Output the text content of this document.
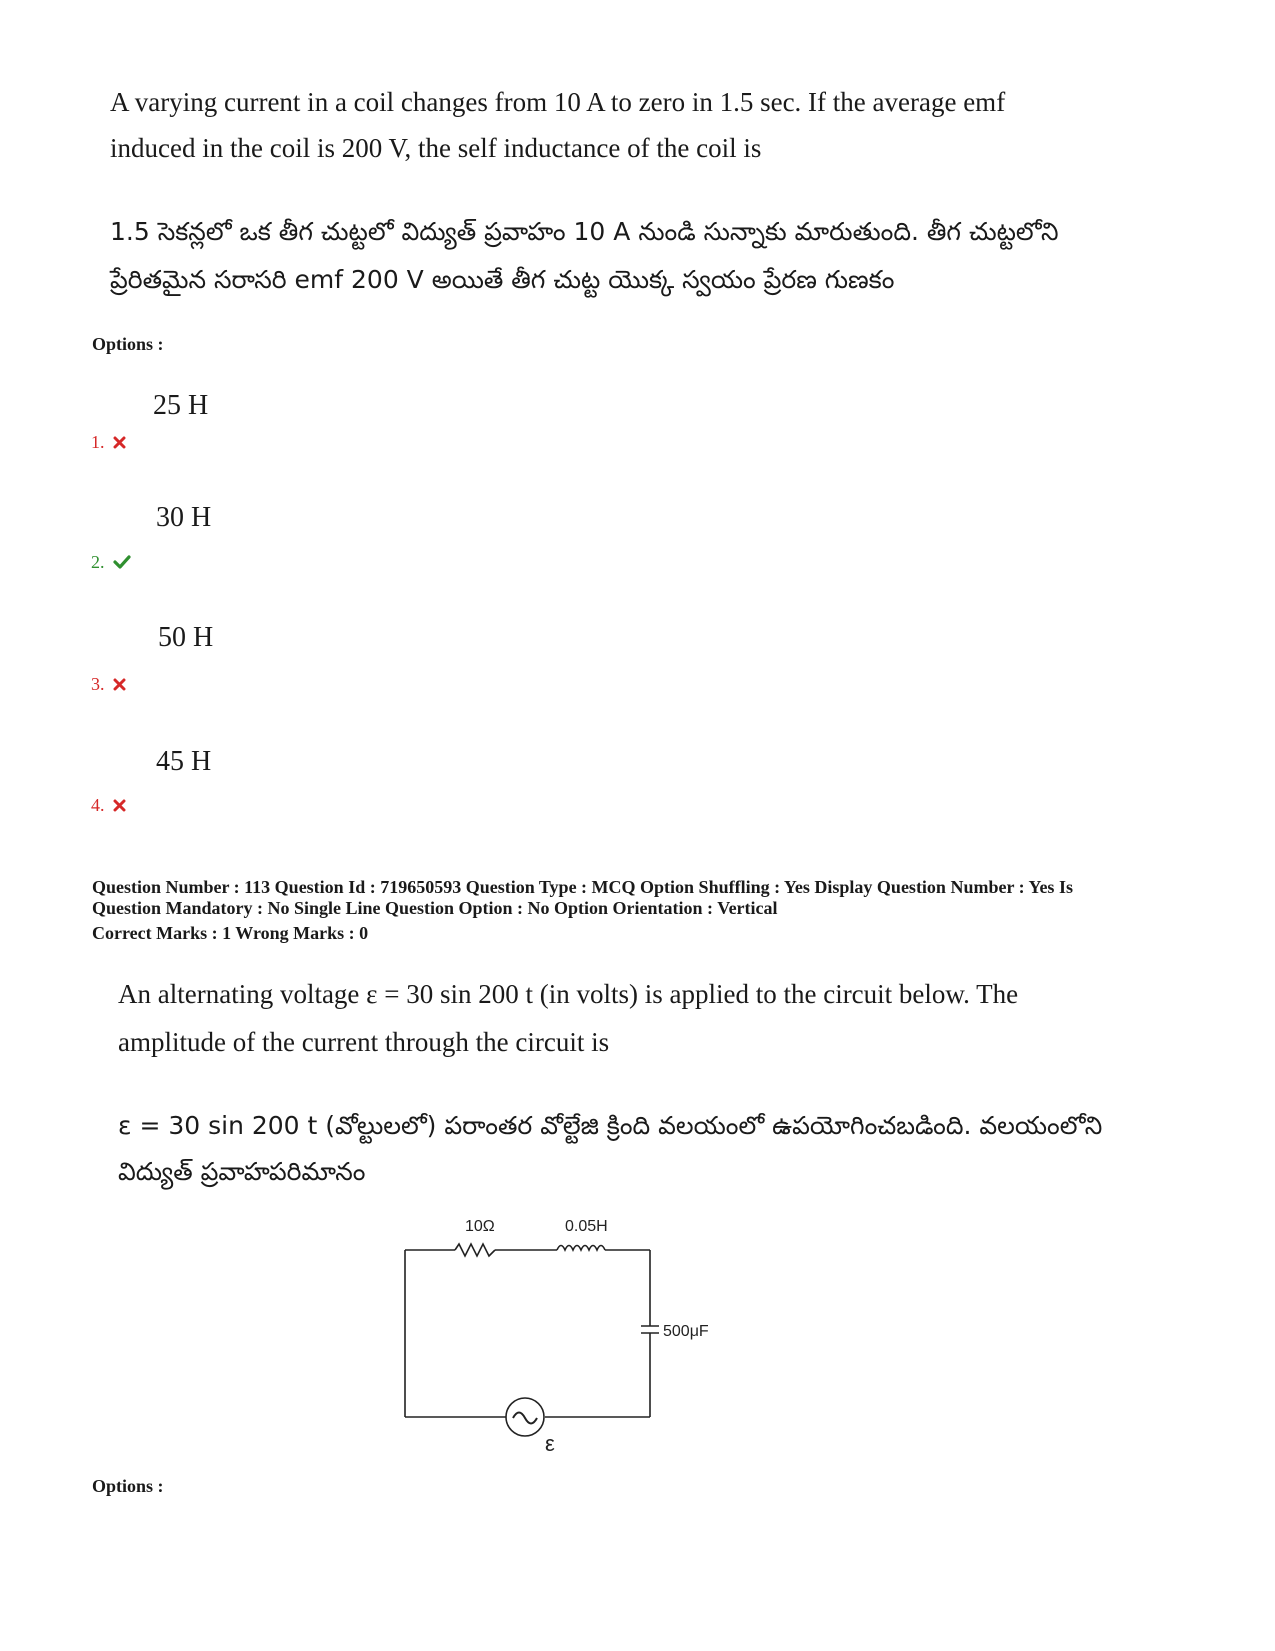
A varying current in a coil changes from 10 A to zero in 1.5 sec. If the average emf
induced in the coil is 200 V, the self inductance of the coil is
1.5 సెకన్లలో ఒక తీగ చుట్టలో విద్యుత్ ప్రవాహం 10 A నుండి సున్నాకు మారుతుంది. తీగ చుట్టలోని
ప్రేరితమైన సరాసరి emf 200 V అయితే తీగ చుట్ట యొక్క స్వయం ప్రేరణ గుణకం
Options :
25 H
1.
30 H
2.
50 H
3.
45 H
4.
Question Number : 113 Question Id : 719650593 Question Type : MCQ Option Shuffling : Yes Display Question Number : Yes Is
Question Mandatory : No Single Line Question Option : No Option Orientation : Vertical
Correct Marks : 1 Wrong Marks : 0
An alternating voltage ε = 30 sin 200 t (in volts) is applied to the circuit below. The
amplitude of the current through the circuit is
ε = 30 sin 200 t (వోల్టులలో) పరాంతర వోల్టేజి క్రింది వలయంలో ఉపయోగించబడింది. వలయంలోని
విద్యుత్ ప్రవాహపరిమానం
10Ω	0.05H
500μF
ε
Options :
